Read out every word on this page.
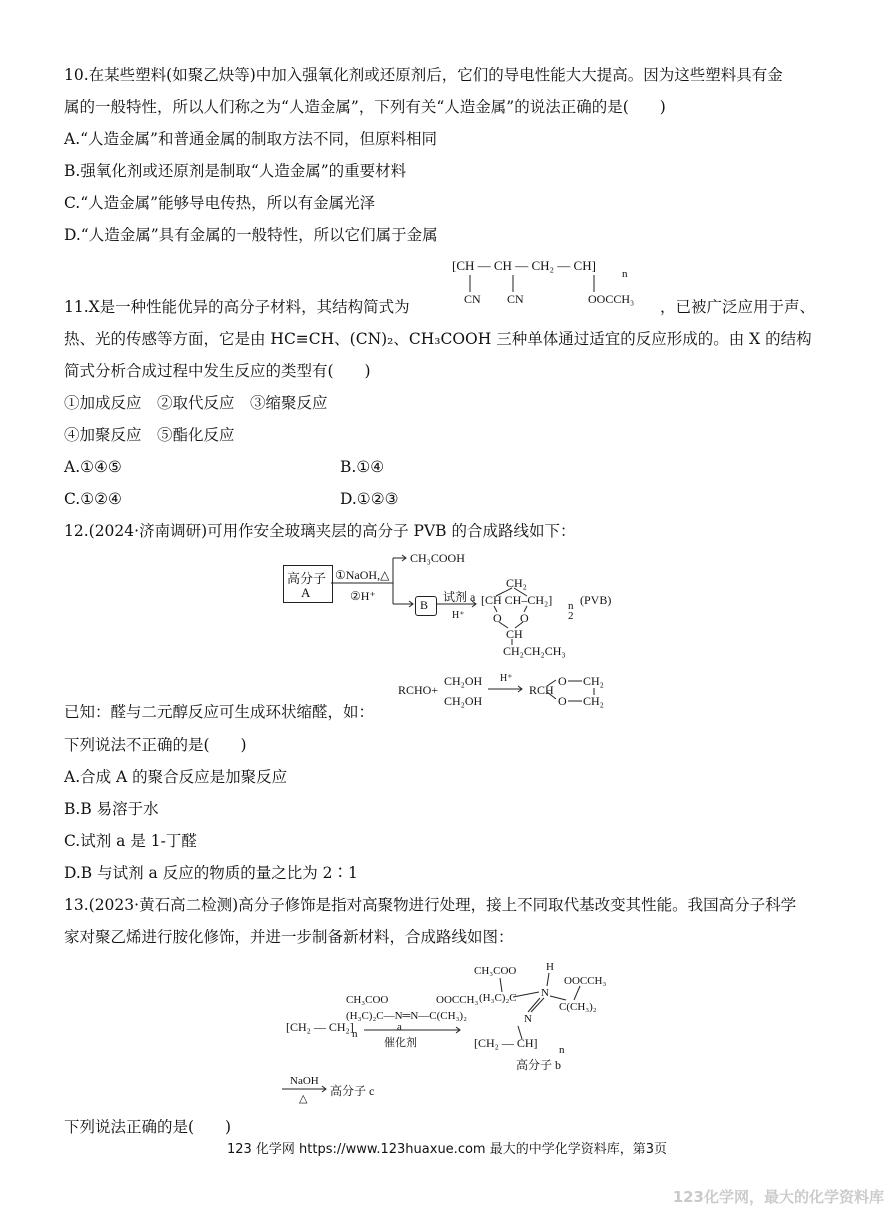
10.在某些塑料(如聚乙炔等)中加入强氧化剂或还原剂后，它们的导电性能大大提高。因为这些塑料具有金
属的一般特性，所以人们称之为“人造金属”，下列有关“人造金属”的说法正确的是(　　)
A.“人造金属”和普通金属的制取方法不同，但原料相同
B.强氧化剂或还原剂是制取“人造金属”的重要材料
C.“人造金属”能够导电传热，所以有金属光泽
D.“人造金属”具有金属的一般特性，所以它们属于金属
11.X是一种性能优异的高分子材料，其结构简式为	，已被广泛应用于声、
热、光的传感等方面，它是由 HC≡CH、(CN)₂、CH₃COOH 三种单体通过适宜的反应形成的。由 X 的结构
简式分析合成过程中发生反应的类型有(　　)
①加成反应　②取代反应　③缩聚反应
④加聚反应　⑤酯化反应
A.①④⑤	B.①④
C.①②④	D.①②③
[CH — CH — CH₂ — CH]
n
CN CN	OOCCH₃
12.(2024·济南调研)可用作安全玻璃夹层的高分子 PVB 的合成路线如下：
高分子
A
①NaOH,△
②H⁺
CH₃COOH
B
试剂 a
H⁺
CH₂
[CH CH–CH₂] n
2
(PVB)
O O
CH
CH₂CH₂CH₃
RCHO+
CH₂OH
CH₂OH
H⁺
RCH
O
O
CH₂
CH₂
已知：醛与二元醇反应可生成环状缩醛，如：
下列说法不正确的是(　　)
A.合成 A 的聚合反应是加聚反应
B.B 易溶于水
C.试剂 a 是 1-丁醛
D.B 与试剂 a 反应的物质的量之比为 2∶1
13.(2023·黄石高二检测)高分子修饰是指对高聚物进行处理，接上不同取代基改变其性能。我国高分子科学
家对聚乙烯进行胺化修饰，并进一步制备新材料，合成路线如图：
[CH₂ — CH₂]
n
CH₃COO	OOCCH₃
(H₃C)₂C—N═N—C(CH₃)₂
a
催化剂
CH₃COO	H
OOCCH₃
(H₃C)₂C N
C(CH₃)₂
N
[CH₂ — CH] n
高分子 b
NaOH
△
高分子 c
下列说法正确的是(　　)
123 化学网 https://www.123huaxue.com 最大的中学化学资料库，第3页
123化学网，最大的化学资料库
